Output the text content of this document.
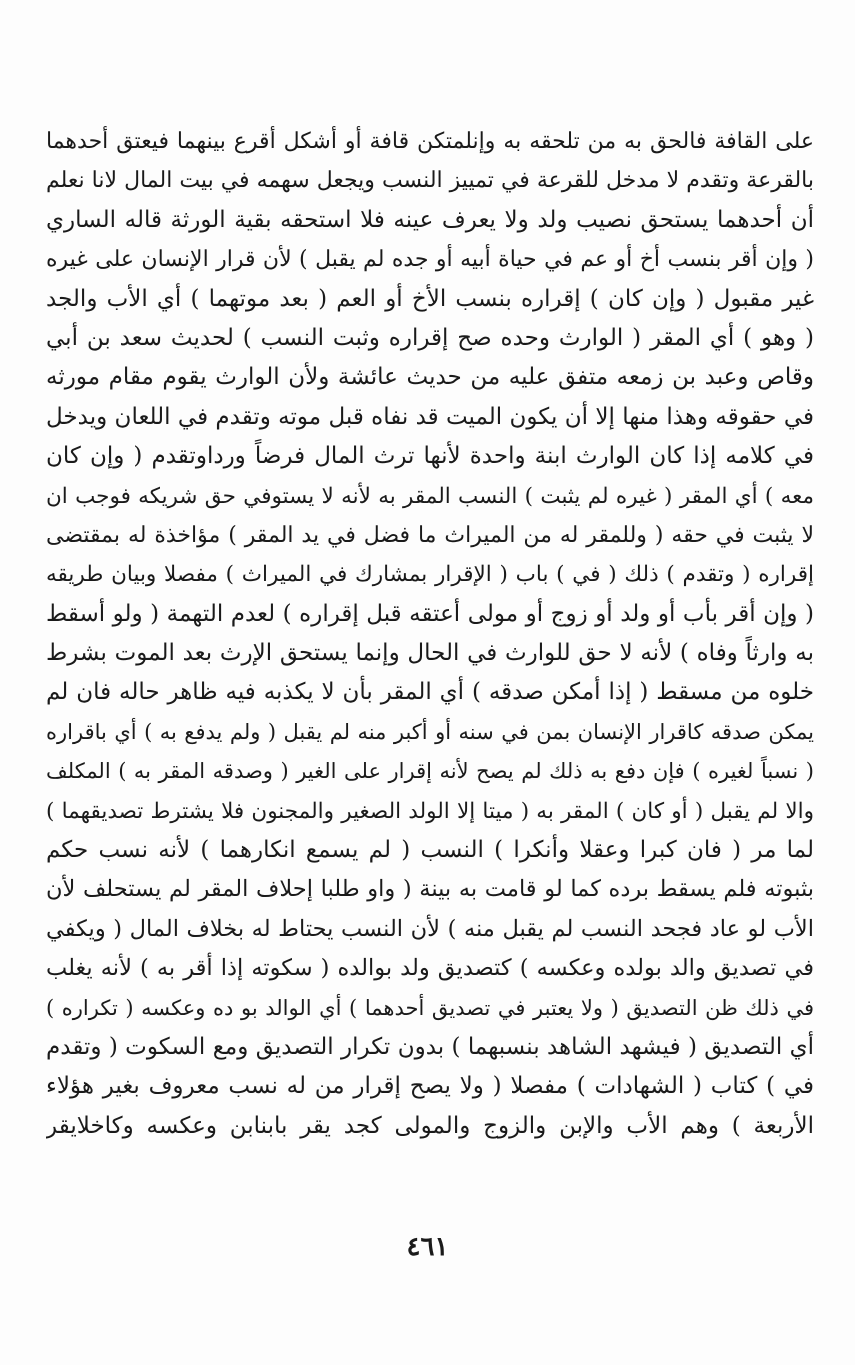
على القافة فالحق به من تلحقه به وإنلمتكن قافة أو أشكل أقرع بينهما فيعتق أحدهما
بالقرعة وتقدم لا مدخل للقرعة في تمييز النسب ويجعل سهمه في بيت المال لانا نعلم
أن أحدهما يستحق نصيب ولد ولا يعرف عينه فلا استحقه بقية الورثة قاله الساري
( وإن أقر بنسب أخ أو عم في حياة أبيه أو جده لم يقبل ) لأن قرار الإنسان على غيره
غير مقبول ( وإن كان ) إقراره بنسب الأخ أو العم ( بعد موتهما ) أي الأب والجد
( وهو ) أي المقر ( الوارث وحده صح إقراره وثبت النسب ) لحديث سعد بن أبي
وقاص وعبد بن زمعه متفق عليه من حديث عائشة ولأن الوارث يقوم مقام مورثه
في حقوقه وهذا منها إلا أن يكون الميت قد نفاه قبل موته وتقدم في اللعان ويدخل
في كلامه إذا كان الوارث ابنة واحدة لأنها ترث المال فرضاً ورداوتقدم ( وإن كان
معه ) أي المقر ( غيره لم يثبت ) النسب المقر به لأنه لا يستوفي حق شريكه فوجب ان
لا يثبت في حقه ( وللمقر له من الميراث ما فضل في يد المقر ) مؤاخذة له بمقتضى
إقراره ( وتقدم ) ذلك ( في ) باب ( الإقرار بمشارك في الميراث ) مفصلا وبيان طريقه
( وإن أقر بأب أو ولد أو زوج أو مولى أعتقه قبل إقراره ) لعدم التهمة ( ولو أسقط
به وارثاً وفاه ) لأنه لا حق للوارث في الحال وإنما يستحق الإرث بعد الموت بشرط
خلوه من مسقط ( إذا أمكن صدقه ) أي المقر بأن لا يكذبه فيه ظاهر حاله فان لم
يمكن صدقه كاقرار الإنسان بمن في سنه أو أكبر منه لم يقبل ( ولم يدفع به ) أي باقراره
( نسباً لغيره ) فإن دفع به ذلك لم يصح لأنه إقرار على الغير ( وصدقه المقر به ) المكلف
والا لم يقبل ( أو كان ) المقر به ( ميتا إلا الولد الصغير والمجنون فلا يشترط تصديقهما )
لما مر ( فان كبرا وعقلا وأنكرا ) النسب ( لم يسمع انكارهما ) لأنه نسب حكم
بثبوته فلم يسقط برده كما لو قامت به بينة ( واو طلبا إحلاف المقر لم يستحلف لأن
الأب لو عاد فجحد النسب لم يقبل منه ) لأن النسب يحتاط له بخلاف المال ( ويكفي
في تصديق والد بولده وعكسه ) كتصديق ولد بوالده ( سكوته إذا أقر به ) لأنه يغلب
في ذلك ظن التصديق ( ولا يعتبر في تصديق أحدهما ) أي الوالد بو ده وعكسه ( تكراره )
أي التصديق ( فيشهد الشاهد بنسبهما ) بدون تكرار التصديق ومع السكوت ( وتقدم
في ) كتاب ( الشهادات ) مفصلا ( ولا يصح إقرار من له نسب معروف بغير هؤلاء
الأربعة ) وهم الأب والإبن والزوج والمولى كجد يقر بابنابن وعكسه وكاخلايقر
٤٦١
